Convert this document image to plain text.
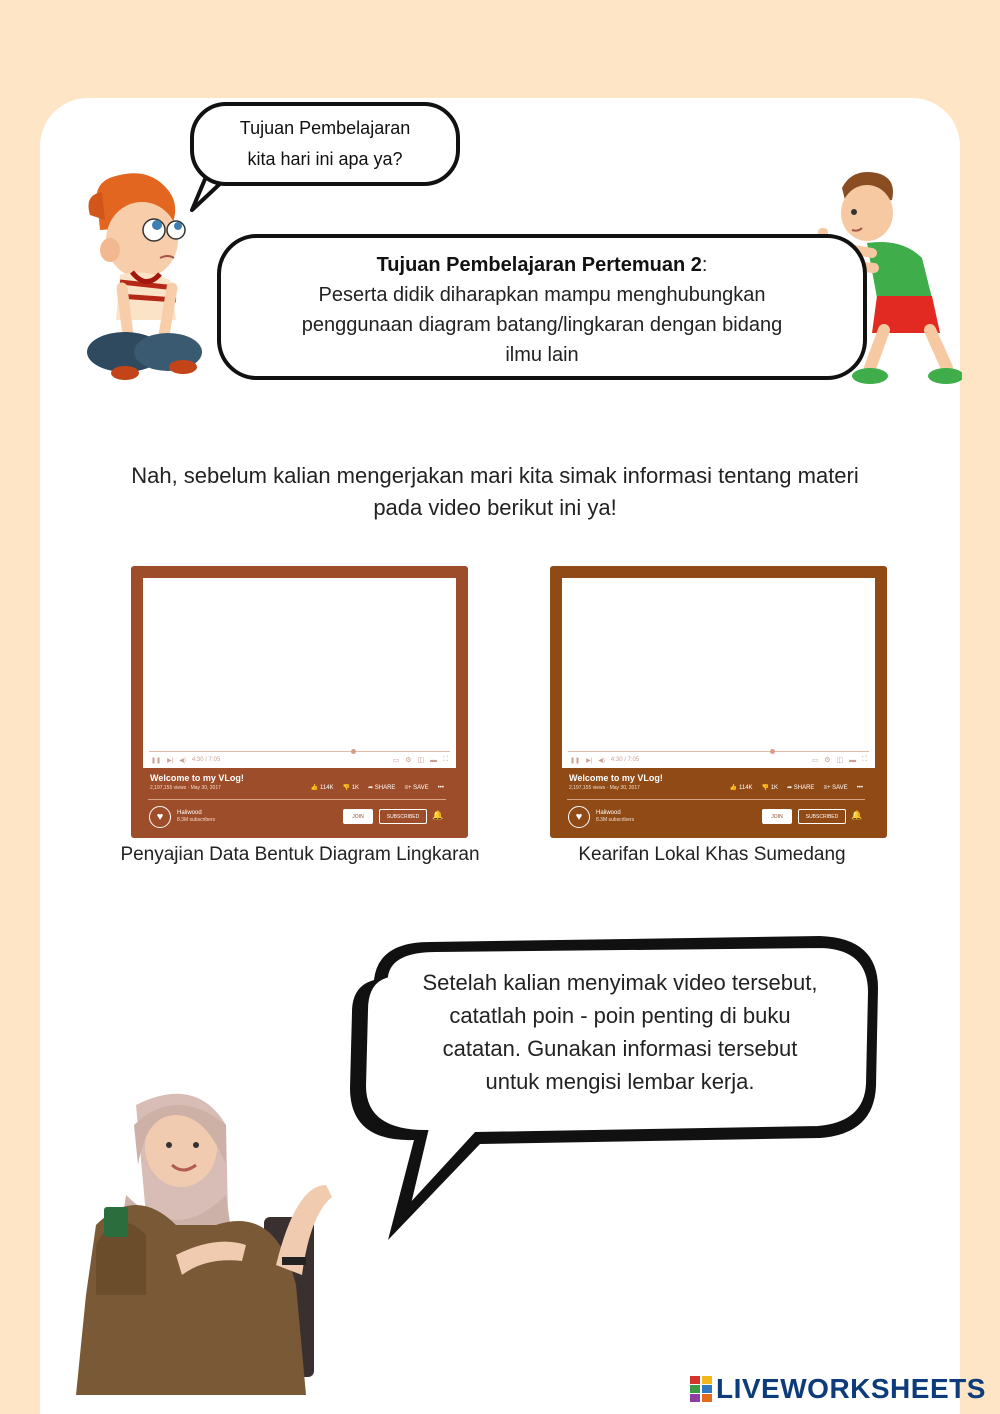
Tujuan Pembelajaran
kita hari ini apa ya?
Tujuan Pembelajaran Pertemuan 2:
Peserta didik diharapkan mampu menghubungkan
penggunaan diagram batang/lingkaran dengan bidang
ilmu lain
Nah, sebelum kalian mengerjakan mari kita simak informasi tentang materi
pada video berikut ini ya!
❚❚ ▶| ◀) 4:30 / 7:05	▭ ⚙ ◫ ▬ ⛶
Welcome to my VLog!
2,197,155 views · May 30, 2017	👍 114K 👎 1K ➦ SHARE ≡+ SAVE •••
♥	Haliwood
8.3M subscribers
JOIN	SUBSCRIBED	🔔
Penyajian Data Bentuk Diagram Lingkaran
❚❚ ▶| ◀) 4:30 / 7:05	▭ ⚙ ◫ ▬ ⛶
Welcome to my VLog!
2,197,155 views · May 30, 2017	👍 114K 👎 1K ➦ SHARE ≡+ SAVE •••
♥	Haliwood
8.3M subscribers
JOIN	SUBSCRIBED	🔔
Kearifan Lokal Khas Sumedang
Setelah kalian menyimak video tersebut,
catatlah poin - poin penting di buku
catatan. Gunakan informasi tersebut
untuk mengisi lembar kerja.
LIVEWORKSHEETS
